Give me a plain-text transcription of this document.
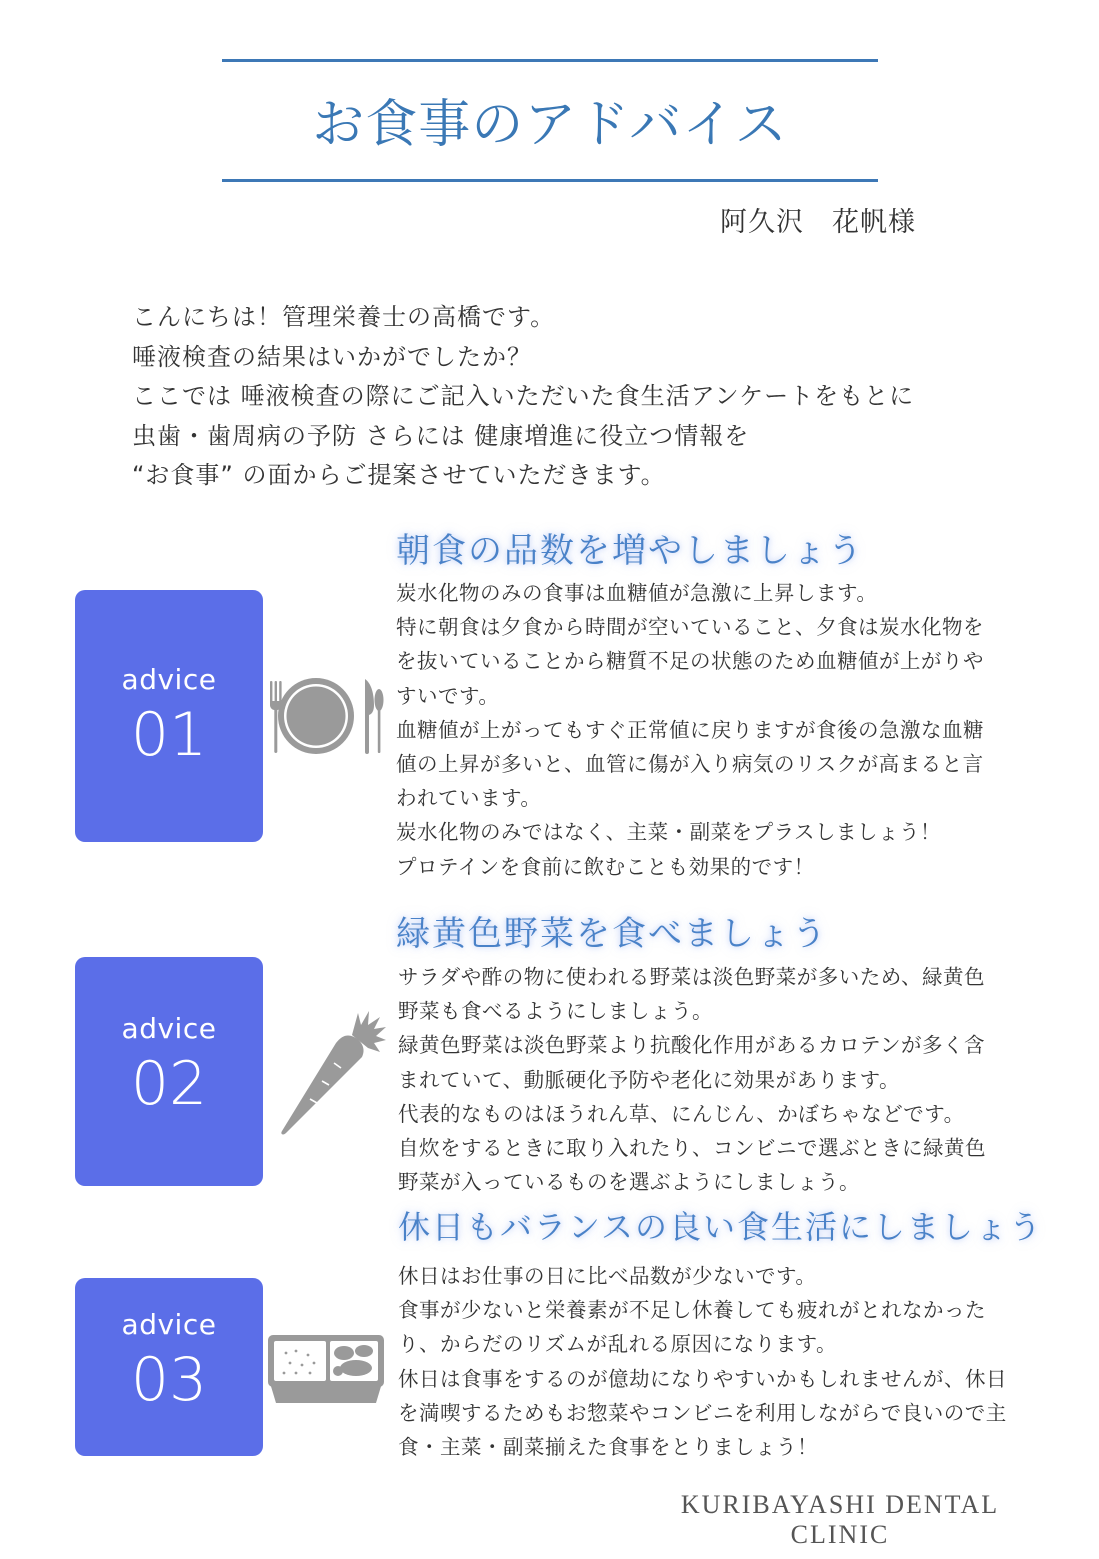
お食事のアドバイス
阿久沢　花帆様
こんにちは！管理栄養士の高橋です。
唾液検査の結果はいかがでしたか？
ここでは 唾液検査の際にご記入いただいた食生活アンケートをもとに
虫歯・歯周病の予防 さらには 健康増進に役立つ情報を
“お食事” の面からご提案させていただきます。
朝食の品数を増やしましょう
advice
01
炭水化物のみの食事は血糖値が急激に上昇します。
特に朝食は夕食から時間が空いていること、夕食は炭水化物を
を抜いていることから糖質不足の状態のため血糖値が上がりや
すいです。
血糖値が上がってもすぐ正常値に戻りますが食後の急激な血糖
値の上昇が多いと、血管に傷が入り病気のリスクが高まると言
われています。
炭水化物のみではなく、主菜・副菜をプラスしましょう！
プロテインを食前に飲むことも効果的です！
緑黄色野菜を食べましょう
advice
02
サラダや酢の物に使われる野菜は淡色野菜が多いため、緑黄色
野菜も食べるようにしましょう。
緑黄色野菜は淡色野菜より抗酸化作用があるカロテンが多く含
まれていて、動脈硬化予防や老化に効果があります。
代表的なものはほうれん草、にんじん、かぼちゃなどです。
自炊をするときに取り入れたり、コンビニで選ぶときに緑黄色
野菜が入っているものを選ぶようにしましょう。
休日もバランスの良い食生活にしましょう
advice
03
休日はお仕事の日に比べ品数が少ないです。
食事が少ないと栄養素が不足し休養しても疲れがとれなかった
り、からだのリズムが乱れる原因になります。
休日は食事をするのが億劫になりやすいかもしれませんが、休日
を満喫するためもお惣菜やコンビニを利用しながらで良いので主
食・主菜・副菜揃えた食事をとりましょう！
KURIBAYASHI DENTAL CLINIC
